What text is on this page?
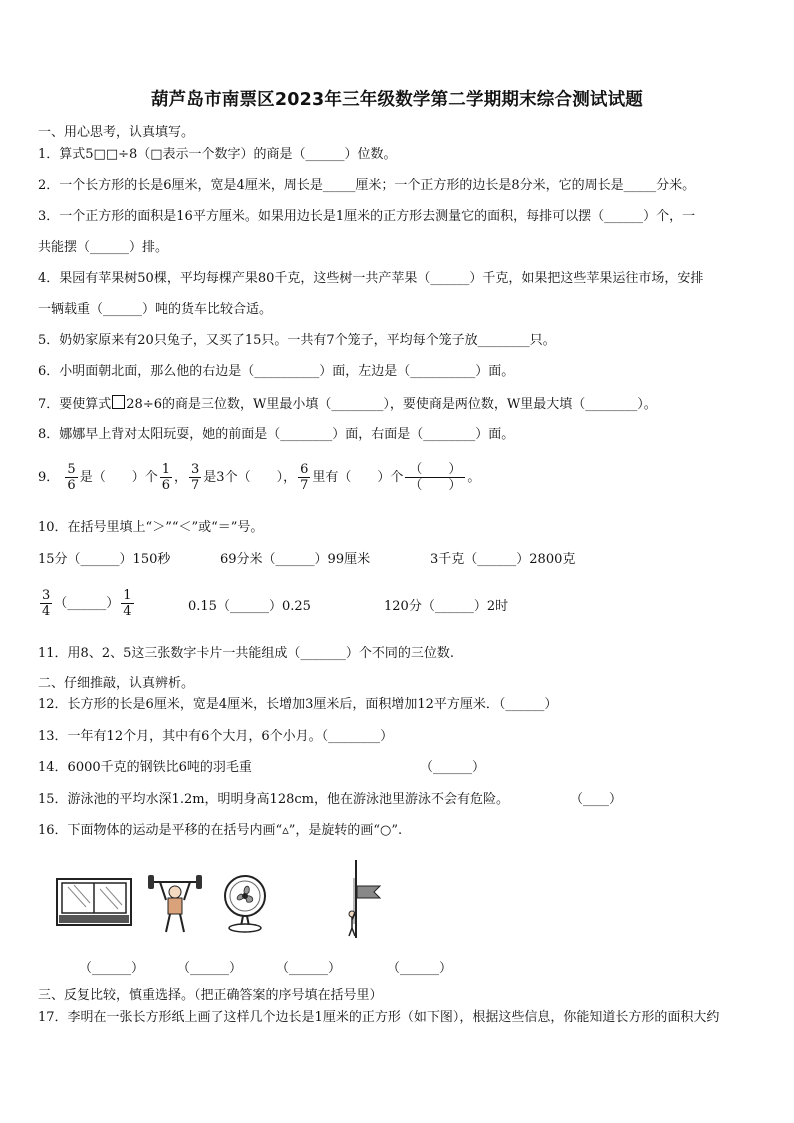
葫芦岛市南票区2023年三年级数学第二学期期末综合测试试题
一、用心思考，认真填写。
1．算式5□□÷8（□表示一个数字）的商是（______）位数。
2．一个长方形的长是6厘米，宽是4厘米，周长是_____厘米；一个正方形的边长是8分米，它的周长是_____分米。
3．一个正方形的面积是16平方厘米。如果用边长是1厘米的正方形去测量它的面积，每排可以摆（______）个，一
共能摆（______）排。
4．果园有苹果树50棵，平均每棵产果80千克，这些树一共产苹果（______）千克，如果把这些苹果运往市场，安排
一辆载重（______）吨的货车比较合适。
5．奶奶家原来有20只兔子，又买了15只。一共有7个笼子，平均每个笼子放________只。
6．小明面朝北面，那么他的右边是（__________）面，左边是（__________）面。
7．要使算式 28÷6的商是三位数，W里最小填（________），要使商是两位数，W里最大填（________）。
8．娜娜早上背对太阳玩耍，她的前面是（________）面，右面是（________）面。
9． $\frac{5}{6}$ 是（　　）个 $\frac{1}{6}$ ， $\frac{3}{7}$ 是3个（　　）， $\frac{6}{7}$ 里有（　　）个 $\frac{( )}{( )}$ 。
10．在括号里填上“＞”“＜”或“＝”号。
15分（______）150秒	69分米（______）99厘米	3千克（______）2800克
$\frac{3}{4}$ （______） $\frac{1}{4}$	0.15（______）0.25	120分（______）2时
11．用8、2、5这三张数字卡片一共能组成（_______）个不同的三位数.
二、仔细推敲，认真辨析。
12．长方形的长是6厘米，宽是4厘米，长增加3厘米后，面积增加12平方厘米．（______）
13．一年有12个月，其中有6个大月，6个小月。（________）
14．6000千克的钢铁比6吨的羽毛重	（______）
15．游泳池的平均水深1.2m，明明身高128cm，他在游泳池里游泳不会有危险。	（____）
16．下面物体的运动是平移的在括号内画“▵”，是旋转的画“○”.
（______）	（______）	（______）	（______）
三、反复比较，慎重选择。（把正确答案的序号填在括号里）
17．李明在一张长方形纸上画了这样几个边长是1厘米的正方形（如下图），根据这些信息，你能知道长方形的面积大约
